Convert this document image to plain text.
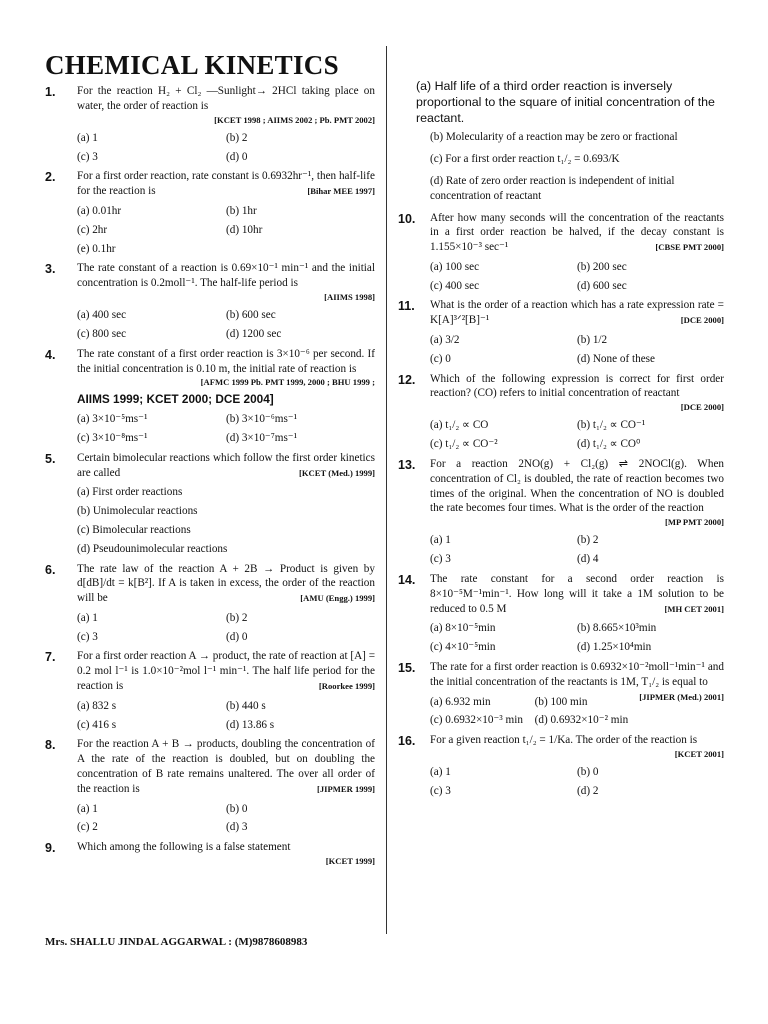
CHEMICAL KINETICS
1. For the reaction H₂ + Cl₂ —Sunlight→ 2HCl taking place on water, the order of reaction is
[KCET 1998 ; AIIMS 2002 ; Pb. PMT 2002]
(a) 1	(b) 2
(c) 3	(d) 0
2. For a first order reaction, rate constant is 0.6932hr⁻¹, then half-life for the reaction is	[Bihar MEE 1997]
(a) 0.01hr	(b) 1hr
(c) 2hr	(d) 10hr
(e) 0.1hr
3. The rate constant of a reaction is 0.69×10⁻¹ min⁻¹ and the initial concentration is 0.2moll⁻¹. The half-life period is
[AIIMS 1998]
(a) 400 sec	(b) 600 sec
(c) 800 sec	(d) 1200 sec
4. The rate constant of a first order reaction is 3×10⁻⁶ per second. If the initial concentration is 0.10 m, the initial rate of reaction is
[AFMC 1999 Pb. PMT 1999, 2000 ; BHU 1999 ;
AIIMS 1999; KCET 2000; DCE 2004]
(a) 3×10⁻⁵ms⁻¹	(b) 3×10⁻⁶ms⁻¹
(c) 3×10⁻⁸ms⁻¹	(d) 3×10⁻⁷ms⁻¹
5. Certain bimolecular reactions which follow the first order kinetics are called	[KCET (Med.) 1999]
(a) First order reactions
(b) Unimolecular reactions
(c) Bimolecular reactions
(d) Pseudounimolecular reactions
6. The rate law of the reaction A + 2B → Product is given by d[dB]/dt = k[B²]. If A is taken in excess, the order of the reaction will be	[AMU (Engg.) 1999]
(a) 1	(b) 2
(c) 3	(d) 0
7. For a first order reaction A → product, the rate of reaction at [A] = 0.2 mol l⁻¹ is 1.0×10⁻²mol l⁻¹ min⁻¹. The half life period for the reaction is	[Roorkee 1999]
(a) 832 s	(b) 440 s
(c) 416 s	(d) 13.86 s
8. For the reaction A + B → products, doubling the concentration of A the rate of the reaction is doubled, but on doubling the concentration of B rate remains unaltered. The over all order of the reaction is	[JIPMER 1999]
(a) 1	(b) 0
(c) 2	(d) 3
9. Which among the following is a false statement
[KCET 1999]
(a) Half life of a third order reaction is inversely proportional to the square of initial concentration of the reactant.
(b) Molecularity of a reaction may be zero or fractional
(c) For a first order reaction t₁/₂ = 0.693/K
(d) Rate of zero order reaction is independent of initial concentration of reactant
10. After how many seconds will the concentration of the reactants in a first order reaction be halved, if the decay constant is 1.155×10⁻³ sec⁻¹	[CBSE PMT 2000]
(a) 100 sec	(b) 200 sec
(c) 400 sec	(d) 600 sec
11. What is the order of a reaction which has a rate expression rate = K[A]³ᐟ²[B]⁻¹	[DCE 2000]
(a) 3/2	(b) 1/2
(c) 0	(d) None of these
12. Which of the following expression is correct for first order reaction? (CO) refers to initial concentration of reactant
[DCE 2000]
(a) t₁/₂ ∝ CO	(b) t₁/₂ ∝ CO⁻¹
(c) t₁/₂ ∝ CO⁻²	(d) t₁/₂ ∝ CO⁰
13. For a reaction 2NO(g) + Cl₂(g) ⇌ 2NOCl(g). When concentration of Cl₂ is doubled, the rate of reaction becomes two times of the original. When the concentration of NO is doubled the rate becomes four times. What is the order of the reaction
[MP PMT 2000]
(a) 1	(b) 2
(c) 3	(d) 4
14. The rate constant for a second order reaction is 8×10⁻⁵M⁻¹min⁻¹. How long will it take a 1M solution to be reduced to 0.5 M	[MH CET 2001]
(a) 8×10⁻⁵min	(b) 8.665×10³min
(c) 4×10⁻⁵min	(d) 1.25×10⁴min
15. The rate for a first order reaction is 0.6932×10⁻²moll⁻¹min⁻¹ and the initial concentration of the reactants is 1M, T₁/₂ is equal to
[JIPMER (Med.) 2001]
(a) 6.932 min	(b) 100 min
(c) 0.6932×10⁻³ min	(d) 0.6932×10⁻² min
16. For a given reaction t₁/₂ = 1/Ka. The order of the reaction is
[KCET 2001]
(a) 1	(b) 0
(c) 3	(d) 2
Mrs. SHALLU JINDAL AGGARWAL : (M)9878608983
